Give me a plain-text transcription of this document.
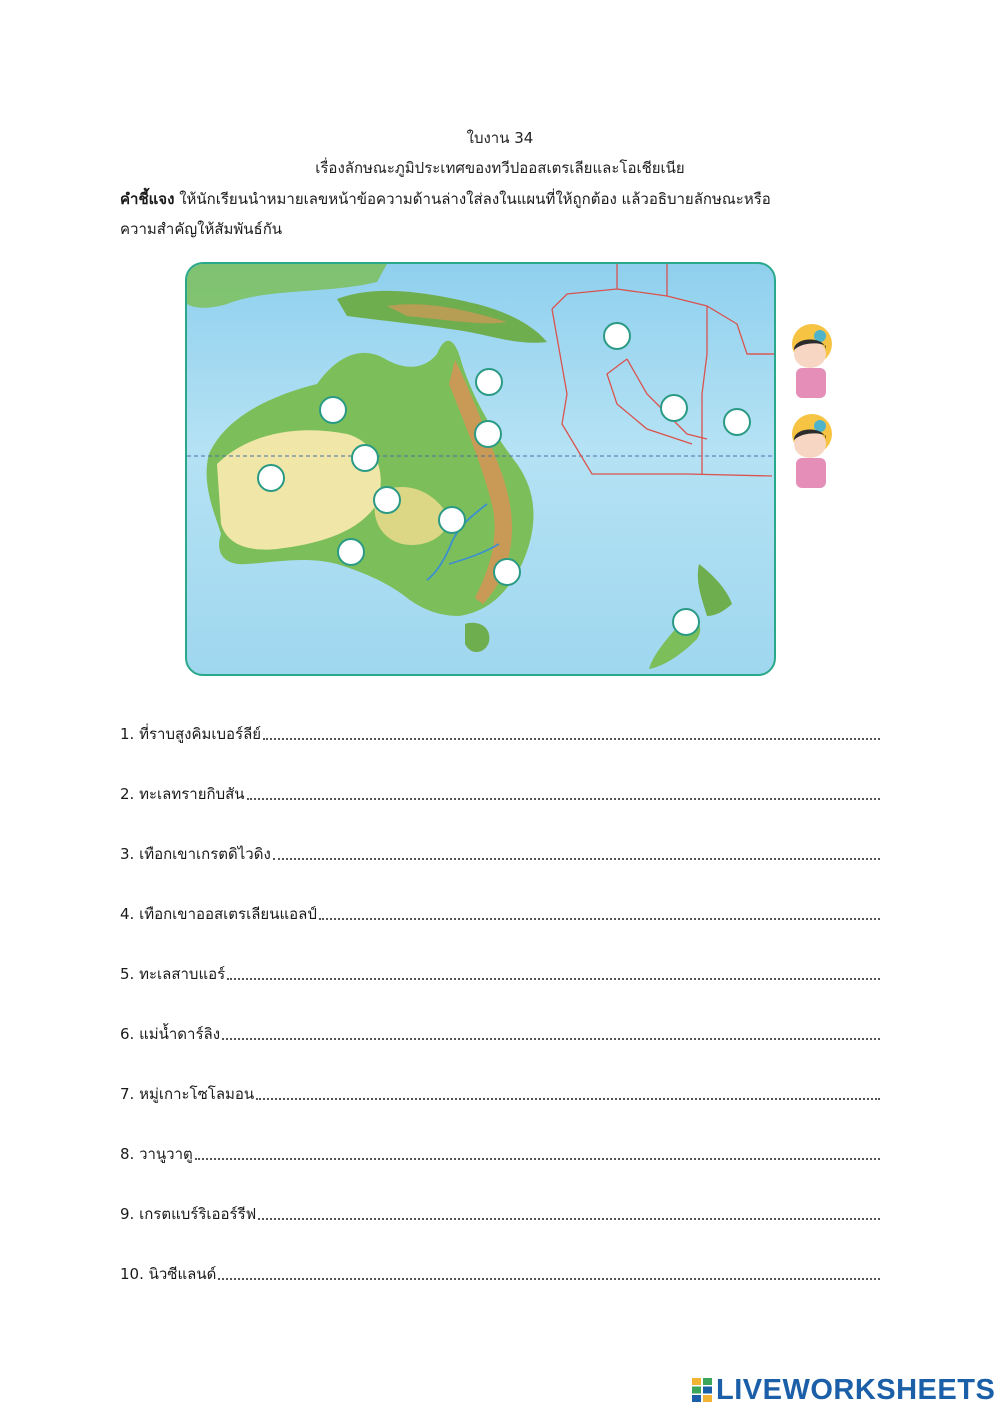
ใบงาน 34
เรื่องลักษณะภูมิประเทศของทวีปออสเตรเลียและโอเชียเนีย
คำชี้แจง ให้นักเรียนนำหมายเลขหน้าข้อความด้านล่างใส่ลงในแผนที่ให้ถูกต้อง แล้วอธิบายลักษณะหรือ
ความสำคัญให้สัมพันธ์กัน
1. ที่ราบสูงคิมเบอร์ลีย์
2. ทะเลทรายกิบสัน
3. เทือกเขาเกรตดิไวดิง
4. เทือกเขาออสเตรเลียนแอลป์
5. ทะเลสาบแอร์
6. แม่น้ำดาร์ลิง
7. หมู่เกาะโซโลมอน
8. วานูวาตู
9. เกรตแบร์ริเออร์รีฟ
10. นิวซีแลนด์
LIVEWORKSHEETS
